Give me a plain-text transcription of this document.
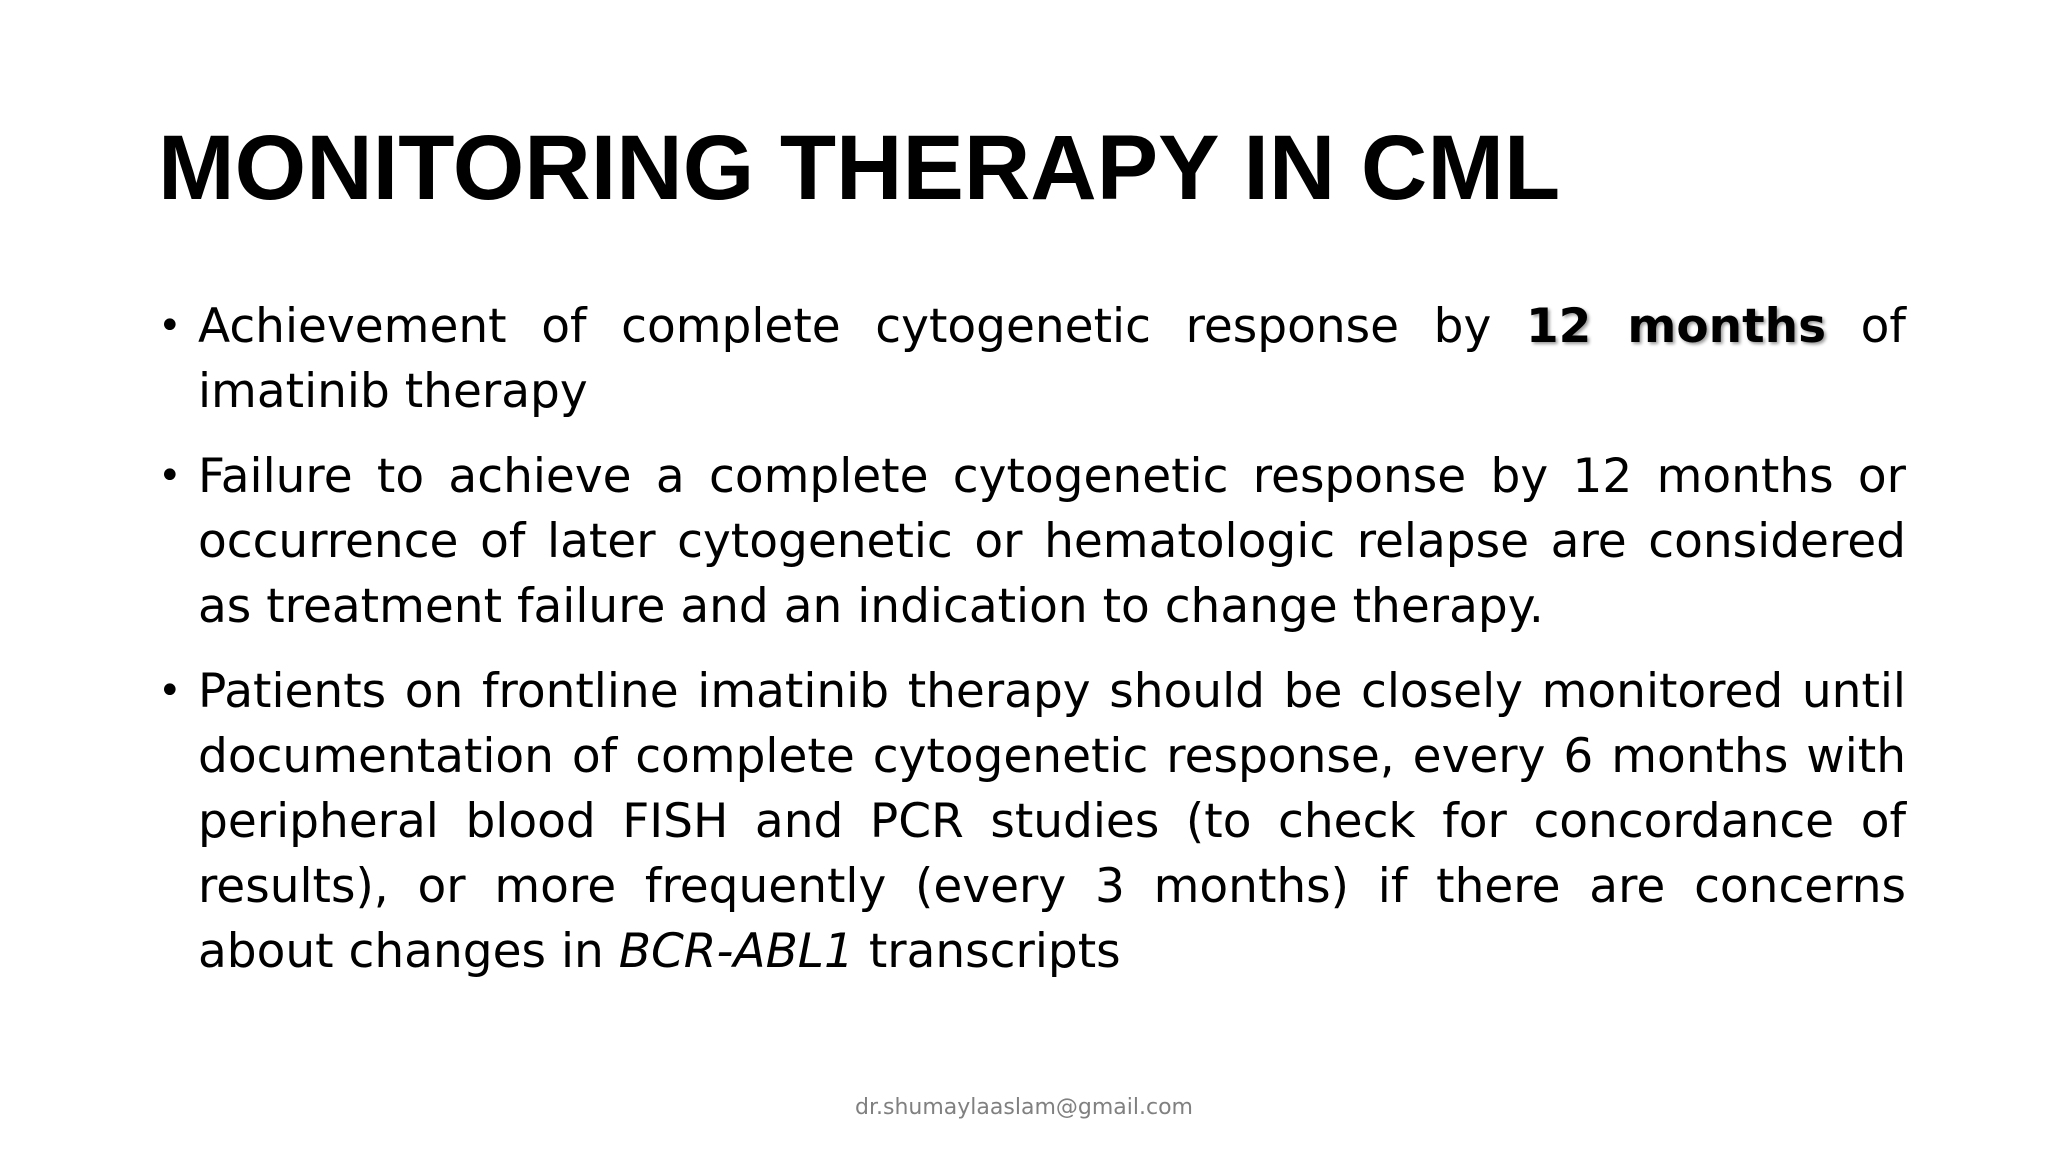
MONITORING THERAPY IN CML
• Achievement of complete cytogenetic response by 12 months of imatinib therapy
• Failure to achieve a complete cytogenetic response by 12 months or occurrence of later cytogenetic or hematologic relapse are considered as treatment failure and an indication to change therapy.
• Patients on frontline imatinib therapy should be closely monitored until documentation of complete cytogenetic response, every 6 months with peripheral blood FISH and PCR studies (to check for concordance of results), or more frequently (every 3 months) if there are concerns about changes in BCR-ABL1 transcripts
dr.shumaylaaslam@gmail.com
